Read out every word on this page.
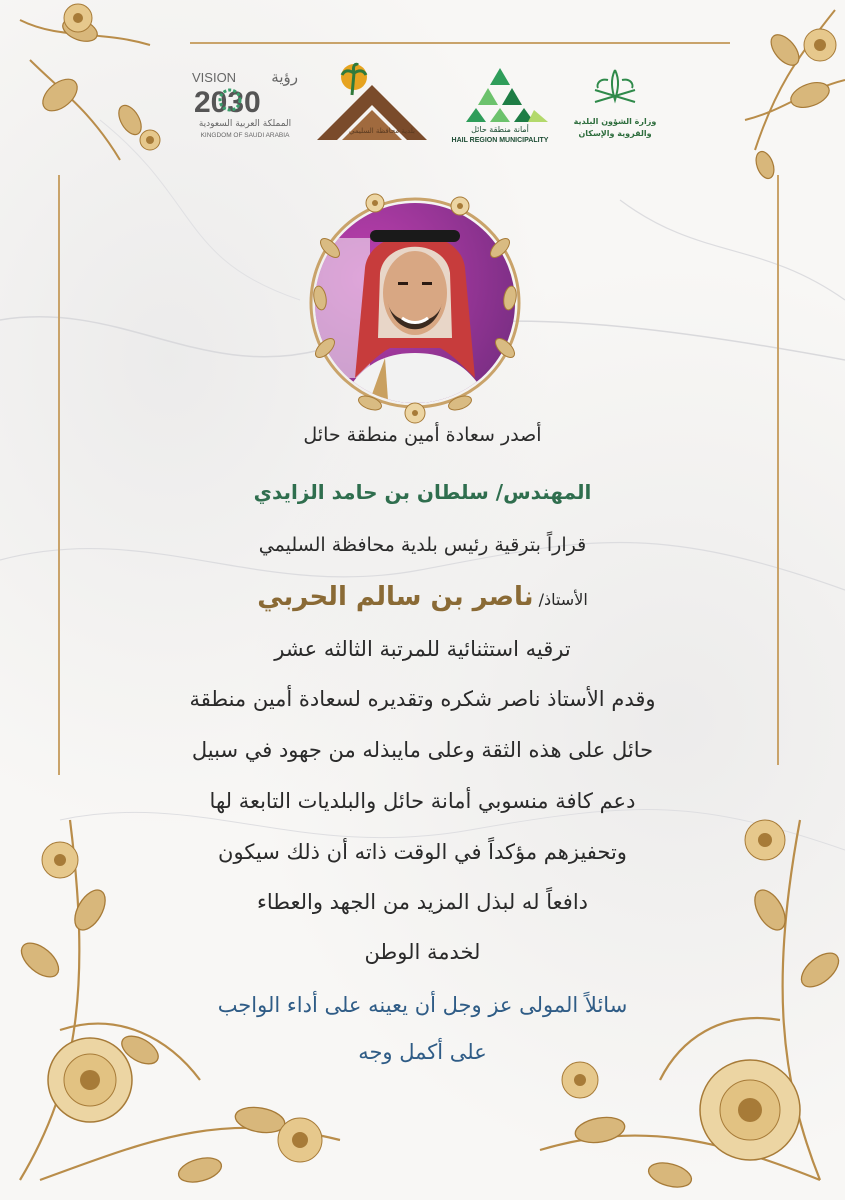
VISION رؤية
2030
المملكة العربية السعودية
KINGDOM OF SAUDI ARABIA
بلدية محافظة السليمي	أمانة منطقة حائل
HAIL REGION MUNICIPALITY
وزارة الشؤون البلدية
والقروية والإسكان
أصدر سعادة أمين منطقة حائل
المهندس/ سلطان بن حامد الزايدي
قراراً بترقية رئيس بلدية محافظة السليمي
الأستاذ/ ناصر بن سالم الحربي
ترقيه استثنائية للمرتبة الثالثه عشر
وقدم الأستاذ ناصر شكره وتقديره لسعادة أمين منطقة
حائل على هذه الثقة وعلى مايبذله من جهود في سبيل
دعم كافة منسوبي أمانة حائل والبلديات التابعة لها
وتحفيزهم مؤكداً في الوقت ذاته أن ذلك سيكون
دافعاً له لبذل المزيد من الجهد والعطاء
لخدمة الوطن
سائلاً المولى عز وجل أن يعينه على أداء الواجب
على أكمل وجه
